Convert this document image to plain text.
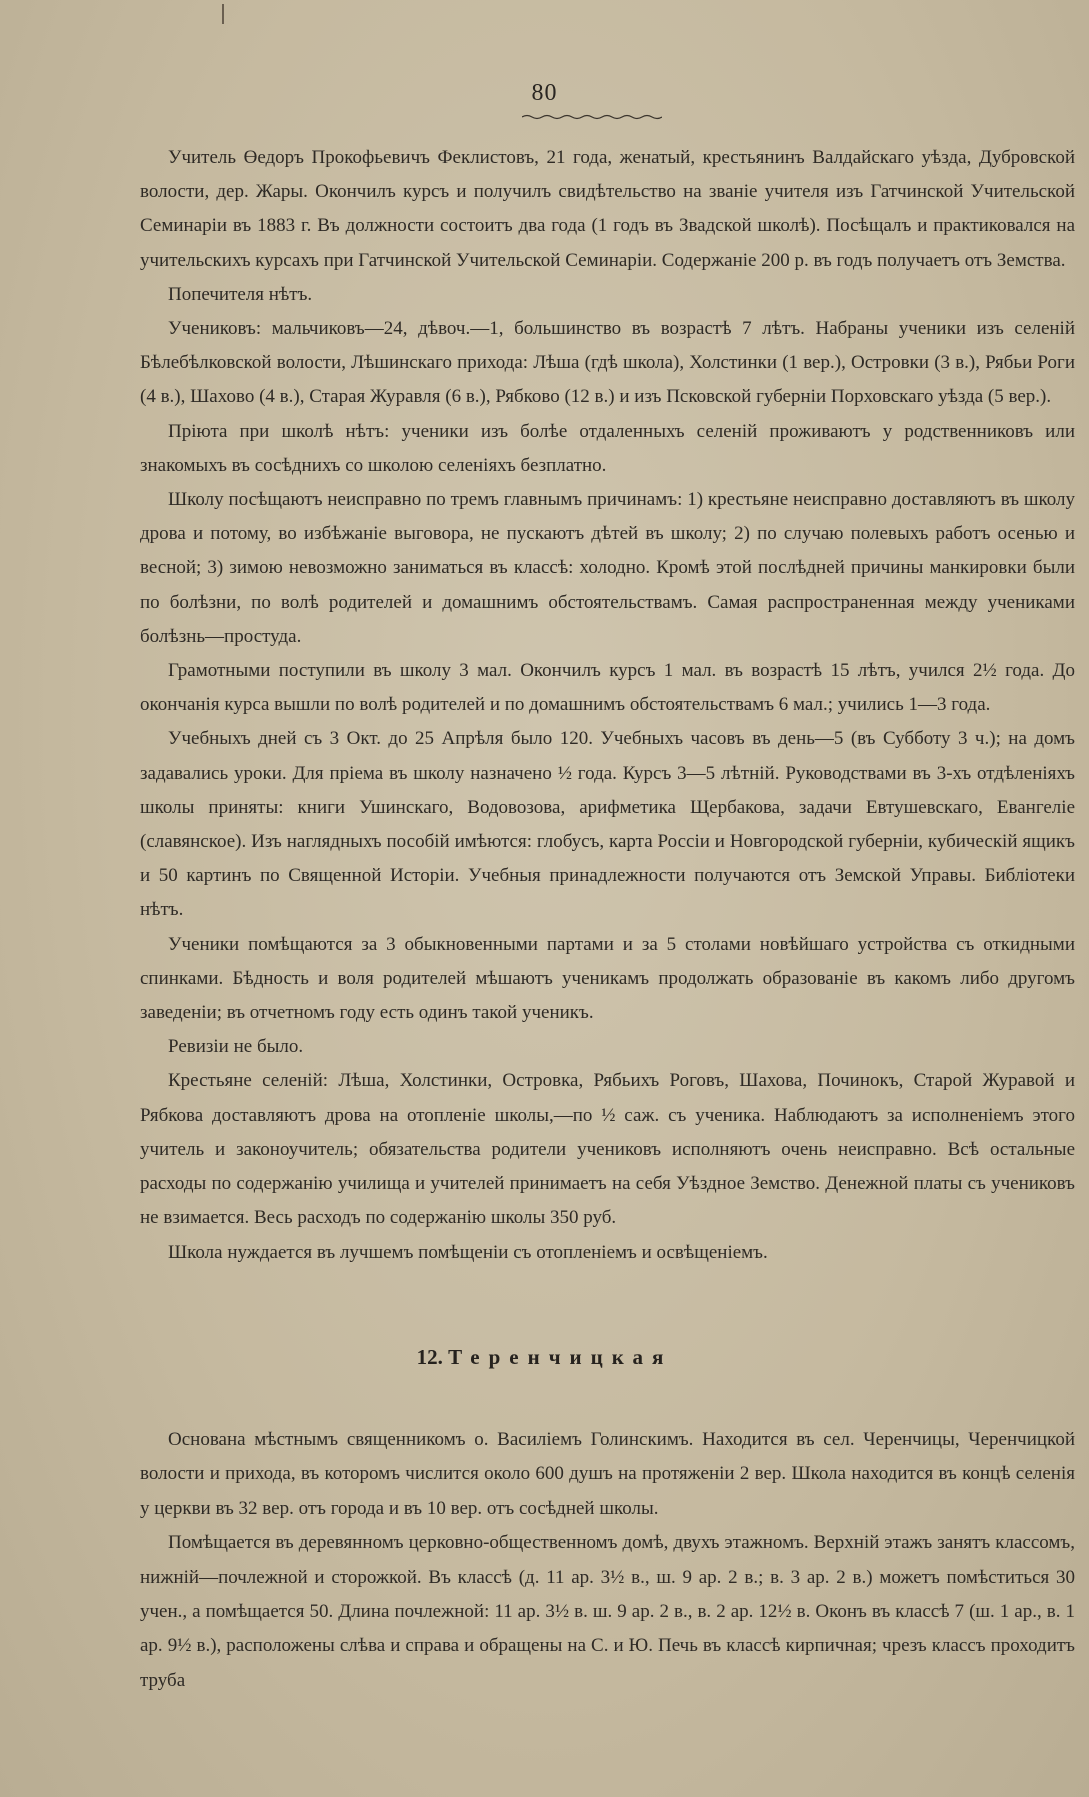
80

Учитель Өедоръ Прокофьевичъ Феклистовъ, 21 года, женатый, крестьянинъ Валдайскаго уѣзда, Дубровской волости, дер. Жары. Окончилъ курсъ и получилъ свидѣтельство на званіе учителя изъ Гатчинской Учительской Семинаріи въ 1883 г. Въ должности состоитъ два года (1 годъ въ Звадской школѣ). Посѣщалъ и практиковался на учительскихъ курсахъ при Гатчинской Учительской Семинаріи. Содержаніе 200 р. въ годъ получаетъ отъ Земства.

Попечителя нѣтъ.

Учениковъ: мальчиковъ—24, дѣвоч.—1, большинство въ возрастѣ 7 лѣтъ. Набраны ученики изъ селеній Бѣлебѣлковской волости, Лѣшинскаго прихода: Лѣша (гдѣ школа), Холстинки (1 вер.), Островки (3 в.), Рябьи Роги (4 в.), Шахово (4 в.), Старая Журавля (6 в.), Рябково (12 в.) и изъ Псковской губерніи Порховскаго уѣзда (5 вер.).

Пріюта при школѣ нѣтъ: ученики изъ болѣе отдаленныхъ селеній проживаютъ у родственниковъ или знакомыхъ въ сосѣднихъ со школою селеніяхъ безплатно.

Школу посѣщаютъ неисправно по тремъ главнымъ причинамъ: 1) крестьяне неисправно доставляютъ въ школу дрова и потому, во избѣжаніе выговора, не пускаютъ дѣтей въ школу; 2) по случаю полевыхъ работъ осенью и весной; 3) зимою невозможно заниматься въ классѣ: холодно. Кромѣ этой послѣдней причины манкировки были по болѣзни, по волѣ родителей и домашнимъ обстоятельствамъ. Самая распространенная между учениками болѣзнь—простуда.

Грамотными поступили въ школу 3 мал. Окончилъ курсъ 1 мал. въ возрастѣ 15 лѣтъ, учился 2½ года. До окончанія курса вышли по волѣ родителей и по домашнимъ обстоятельствамъ 6 мал.; учились 1—3 года.

Учебныхъ дней съ 3 Окт. до 25 Апрѣля было 120. Учебныхъ часовъ въ день—5 (въ Субботу 3 ч.); на домъ задавались уроки. Для пріема въ школу назначено ½ года. Курсъ 3—5 лѣтній. Руководствами въ 3-хъ отдѣленіяхъ школы приняты: книги Ушинскаго, Водовозова, арифметика Щербакова, задачи Евтушевскаго, Евангеліе (славянское). Изъ наглядныхъ пособій имѣются: глобусъ, карта Россіи и Новгородской губерніи, кубическій ящикъ и 50 картинъ по Священной Исторіи. Учебныя принадлежности получаются отъ Земской Управы. Библіотеки нѣтъ.

Ученики помѣщаются за 3 обыкновенными партами и за 5 столами новѣйшаго устройства съ откидными спинками. Бѣдность и воля родителей мѣшаютъ ученикамъ продолжать образованіе въ какомъ либо другомъ заведеніи; въ отчетномъ году есть одинъ такой ученикъ.

Ревизіи не было.

Крестьяне селеній: Лѣша, Холстинки, Островка, Рябьихъ Роговъ, Шахова, Починокъ, Старой Журавой и Рябкова доставляютъ дрова на отопленіе школы,—по ½ саж. съ ученика. Наблюдаютъ за исполненіемъ этого учитель и законоучитель; обязательства родители учениковъ исполняютъ очень неисправно. Всѣ остальные расходы по содержанію училища и учителей принимаетъ на себя Уѣздное Земство. Денежной платы съ учениковъ не взимается. Весь расходъ по содержанію школы 350 руб.

Школа нуждается въ лучшемъ помѣщеніи съ отопленіемъ и освѣщеніемъ.

12. Теренчицкая

Основана мѣстнымъ священникомъ о. Василіемъ Голинскимъ. Находится въ сел. Черенчицы, Черенчицкой волости и прихода, въ которомъ числится около 600 душъ на протяженіи 2 вер. Школа находится въ концѣ селенія у церкви въ 32 вер. отъ города и въ 10 вер. отъ сосѣдней школы.

Помѣщается въ деревянномъ церковно-общественномъ домѣ, двухъ этажномъ. Верхній этажъ занятъ классомъ, нижній—почлежной и сторожкой. Въ классѣ (д. 11 ар. 3½ в., ш. 9 ар. 2 в.; в. 3 ар. 2 в.) можетъ помѣститься 30 учен., а помѣщается 50. Длина почлежной: 11 ар. 3½ в. ш. 9 ар. 2 в., в. 2 ар. 12½ в. Оконъ въ классѣ 7 (ш. 1 ар., в. 1 ар. 9½ в.), расположены слѣва и справа и обращены на С. и Ю. Печь въ классѣ кирпичная; чрезъ классъ проходитъ труба
